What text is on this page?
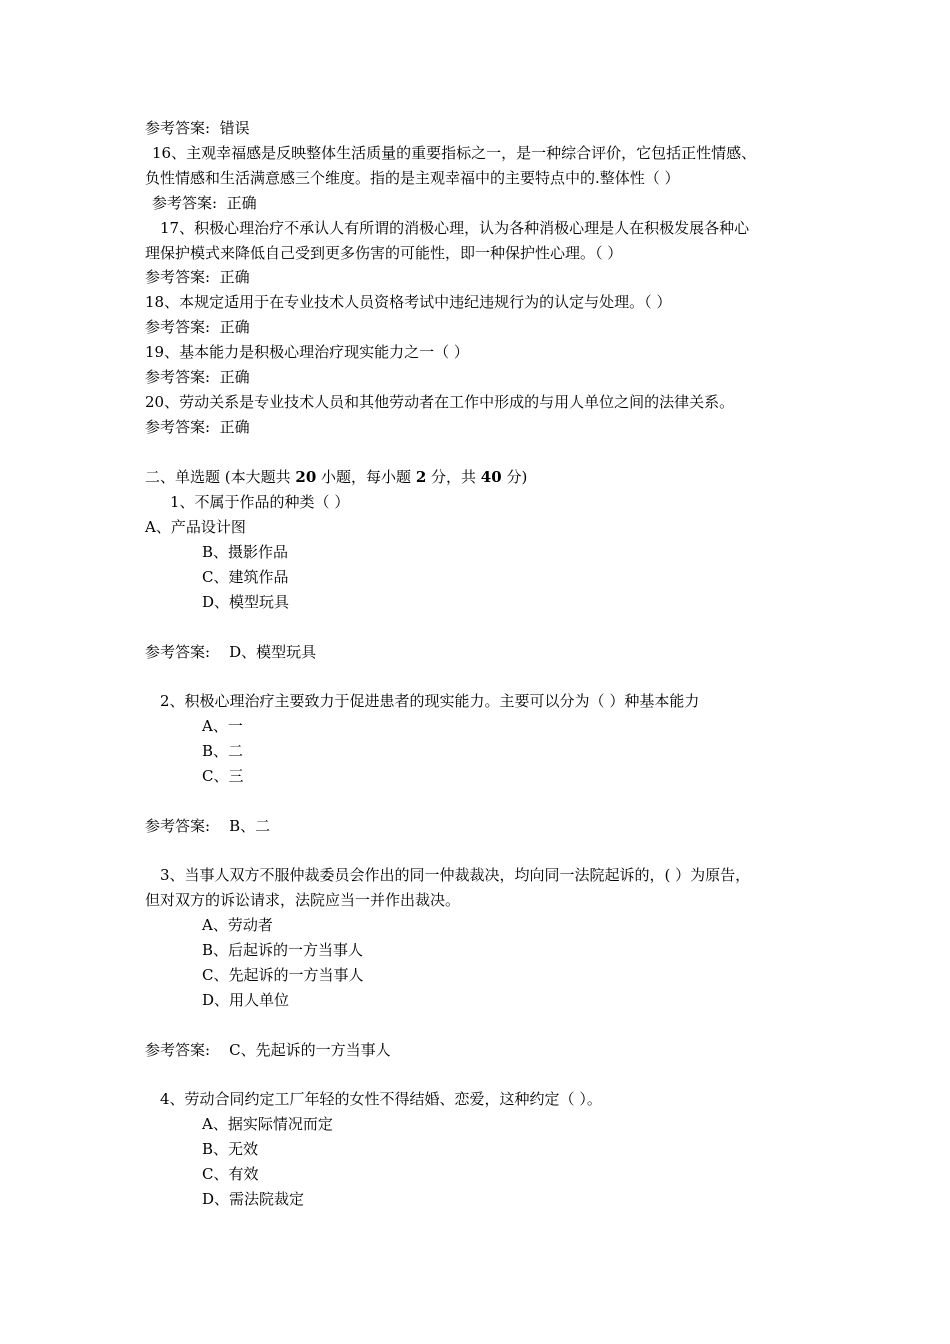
参考答案: 错误
16、主观幸福感是反映整体生活质量的重要指标之一，是一种综合评价，它包括正性情感、
负性情感和生活满意感三个维度。指的是主观幸福中的主要特点中的.整体性（ ）
参考答案: 正确
17、积极心理治疗不承认人有所谓的消极心理，认为各种消极心理是人在积极发展各种心
理保护模式来降低自己受到更多伤害的可能性，即一种保护性心理。（ ）
参考答案: 正确
18、本规定适用于在专业技术人员资格考试中违纪违规行为的认定与处理。（ ）
参考答案: 正确
19、基本能力是积极心理治疗现实能力之一（ ）
参考答案: 正确
20、劳动关系是专业技术人员和其他劳动者在工作中形成的与用人单位之间的法律关系。
参考答案: 正确
二、单选题 (本大题共 20 小题，每小题 2 分，共 40 分)
1、不属于作品的种类（ ）
A、产品设计图
B、摄影作品
C、建筑作品
D、模型玩具
参考答案: D、模型玩具
2、积极心理治疗主要致力于促进患者的现实能力。主要可以分为（ ）种基本能力
A、一
B、二
C、三
参考答案: B、二
3、当事人双方不服仲裁委员会作出的同一仲裁裁决，均向同一法院起诉的，( ）为原告，
但对双方的诉讼请求，法院应当一并作出裁决。
A、劳动者
B、后起诉的一方当事人
C、先起诉的一方当事人
D、用人单位
参考答案: C、先起诉的一方当事人
4、劳动合同约定工厂年轻的女性不得结婚、恋爱，这种约定（ ）。
A、据实际情况而定
B、无效
C、有效
D、需法院裁定
